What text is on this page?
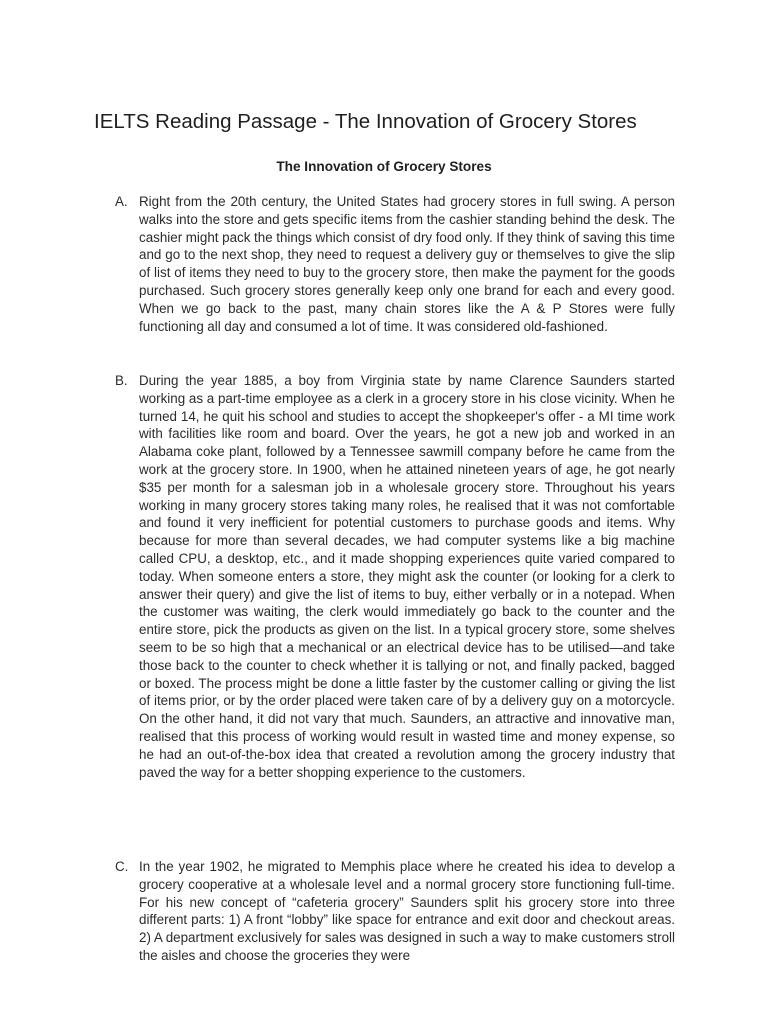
IELTS Reading Passage - The Innovation of Grocery Stores
The Innovation of Grocery Stores
A. Right from the 20th century, the United States had grocery stores in full swing. A person walks into the store and gets specific items from the cashier standing behind the desk. The cashier might pack the things which consist of dry food only. If they think of saving this time and go to the next shop, they need to request a delivery guy or themselves to give the slip of list of items they need to buy to the grocery store, then make the payment for the goods purchased. Such grocery stores generally keep only one brand for each and every good. When we go back to the past, many chain stores like the A & P Stores were fully functioning all day and consumed a lot of time. It was considered old-fashioned.

B. During the year 1885, a boy from Virginia state by name Clarence Saunders started working as a part-time employee as a clerk in a grocery store in his close vicinity. When he turned 14, he quit his school and studies to accept the shopkeeper's offer - a MI time work with facilities like room and board. Over the years, he got a new job and worked in an Alabama coke plant, followed by a Tennessee sawmill company before he came from the work at the grocery store. In 1900, when he attained nineteen years of age, he got nearly $35 per month for a salesman job in a wholesale grocery store. Throughout his years working in many grocery stores taking many roles, he realised that it was not comfortable and found it very inefficient for potential customers to purchase goods and items. Why because for more than several decades, we had computer systems like a big machine called CPU, a desktop, etc., and it made shopping experiences quite varied compared to today. When someone enters a store, they might ask the counter (or looking for a clerk to answer their query) and give the list of items to buy, either verbally or in a notepad. When the customer was waiting, the clerk would immediately go back to the counter and the entire store, pick the products as given on the list. In a typical grocery store, some shelves seem to be so high that a mechanical or an electrical device has to be utilised—and take those back to the counter to check whether it is tallying or not, and finally packed, bagged or boxed. The process might be done a little faster by the customer calling or giving the list of items prior, or by the order placed were taken care of by a delivery guy on a motorcycle. On the other hand, it did not vary that much. Saunders, an attractive and innovative man, realised that this process of working would result in wasted time and money expense, so he had an out-of-the-box idea that created a revolution among the grocery industry that paved the way for a better shopping experience to the customers.

C. In the year 1902, he migrated to Memphis place where he created his idea to develop a grocery cooperative at a wholesale level and a normal grocery store functioning full-time. For his new concept of “cafeteria grocery” Saunders split his grocery store into three different parts: 1) A front “lobby” like space for entrance and exit door and checkout areas. 2) A department exclusively for sales was designed in such a way to make customers stroll the aisles and choose the groceries they were
